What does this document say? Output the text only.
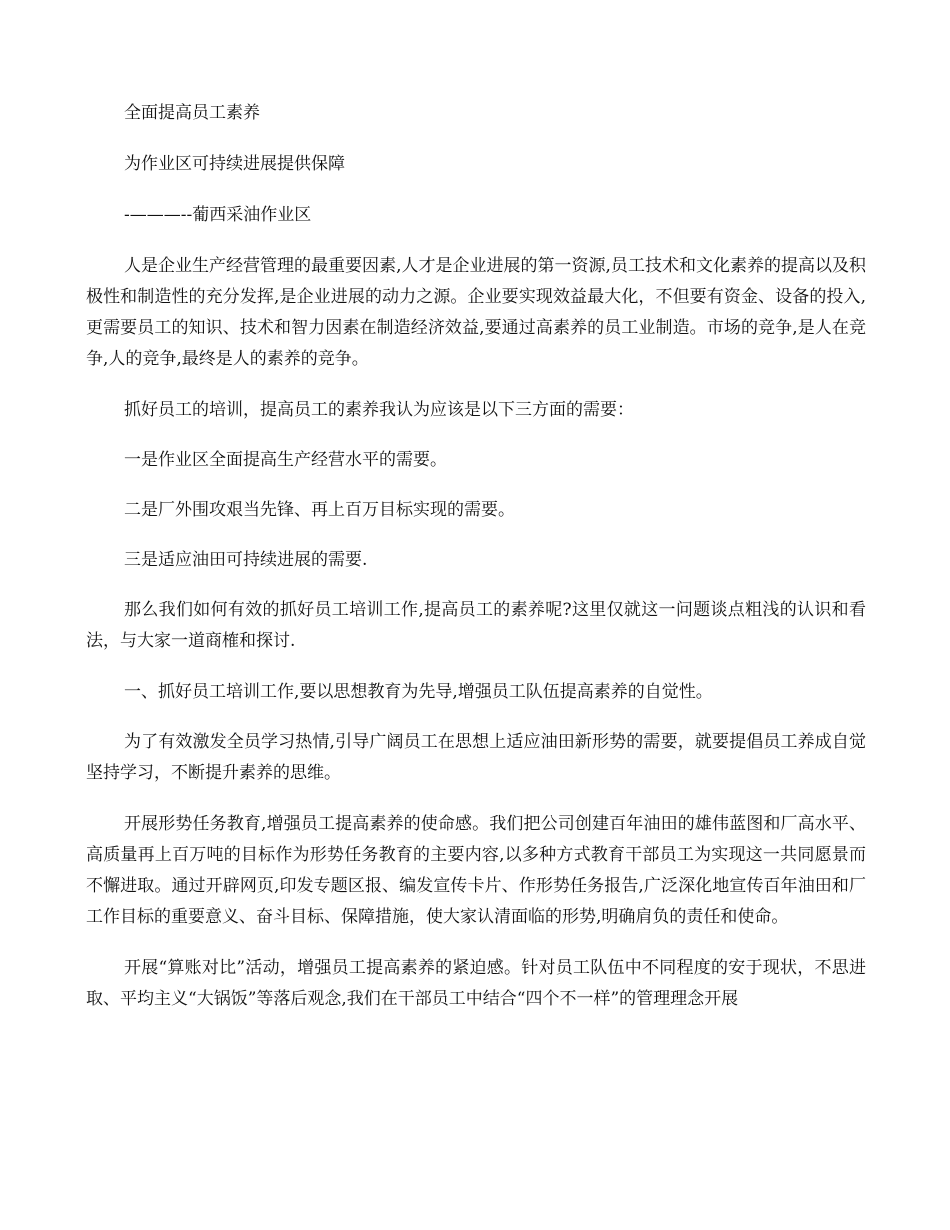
全面提高员工素养
为作业区可持续进展提供保障
-———--葡西采油作业区

人是企业生产经营管理的最重要因素,人才是企业进展的第一资源,员工技术和文化素养的提高以及积极性和制造性的充分发挥,是企业进展的动力之源。企业要实现效益最大化，不但要有资金、设备的投入,更需要员工的知识、技术和智力因素在制造经济效益,要通过高素养的员工业制造。市场的竞争,是人在竞争,人的竞争,最终是人的素养的竞争。

抓好员工的培训，提高员工的素养我认为应该是以下三方面的需要：

一是作业区全面提高生产经营水平的需要。

二是厂外围攻艰当先锋、再上百万目标实现的需要。

三是适应油田可持续进展的需要.

那么我们如何有效的抓好员工培训工作,提高员工的素养呢?这里仅就这一问题谈点粗浅的认识和看法，与大家一道商榷和探讨.

一、抓好员工培训工作,要以思想教育为先导,增强员工队伍提高素养的自觉性。

为了有效激发全员学习热情,引导广阔员工在思想上适应油田新形势的需要，就要提倡员工养成自觉坚持学习，不断提升素养的思维。

开展形势任务教育,增强员工提高素养的使命感。我们把公司创建百年油田的雄伟蓝图和厂高水平、高质量再上百万吨的目标作为形势任务教育的主要内容,以多种方式教育干部员工为实现这一共同愿景而不懈进取。通过开辟网页,印发专题区报、编发宣传卡片、作形势任务报告,广泛深化地宣传百年油田和厂工作目标的重要意义、奋斗目标、保障措施，使大家认清面临的形势,明确肩负的责任和使命。

开展“算账对比”活动，增强员工提高素养的紧迫感。针对员工队伍中不同程度的安于现状，不思进取、平均主义“大锅饭”等落后观念,我们在干部员工中结合“四个不一样”的管理理念开展
